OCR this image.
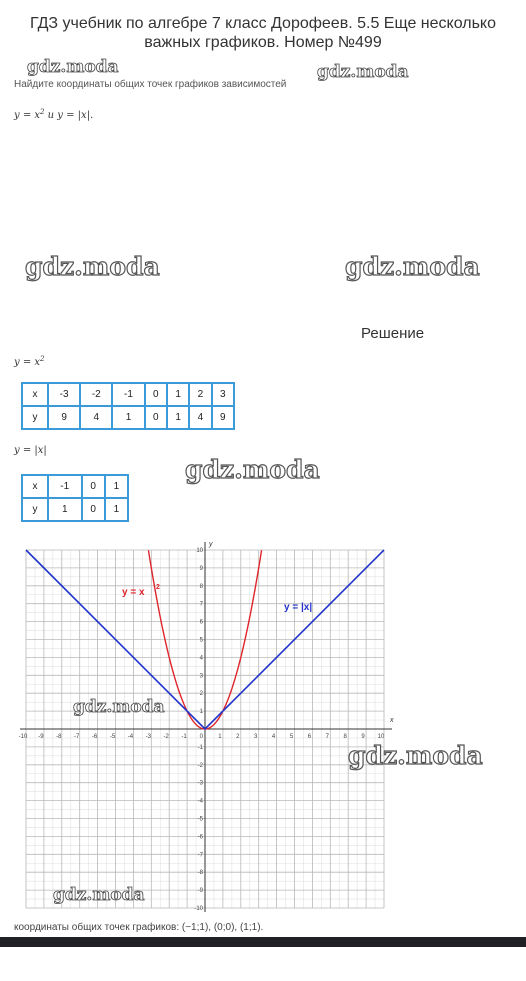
ГДЗ учебник по алгебре 7 класс Дорофеев. 5.5 Еще несколько важных графиков. Номер №499
gdz.moda	gdz.moda
Найдите координаты общих точек графиков зависимостей
$y = x^2$ и y = |x|.
gdz.moda	gdz.moda
Решение
$y = x^2$
x	-3	-2	-1	0	1	2	3
y	9	4	1	0	1	4	9
y = |x|
x	-1	0	1
y	1	0	1
gdz.moda
x
y
-10 -9 -8 -7 -6 -5 -4 -3 -2 -1	1 2 3 4 5 6 7 8 9 10
10
9
8
7
6
5
4
3
2
1
-1
-2
-3
-4
-5
-6
-7
-8
-9
-10
0
y = x 2
y = |x|
gdz.moda
gdz.moda
gdz.moda
координаты общих точек графиков: (−1;1), (0;0), (1;1).
